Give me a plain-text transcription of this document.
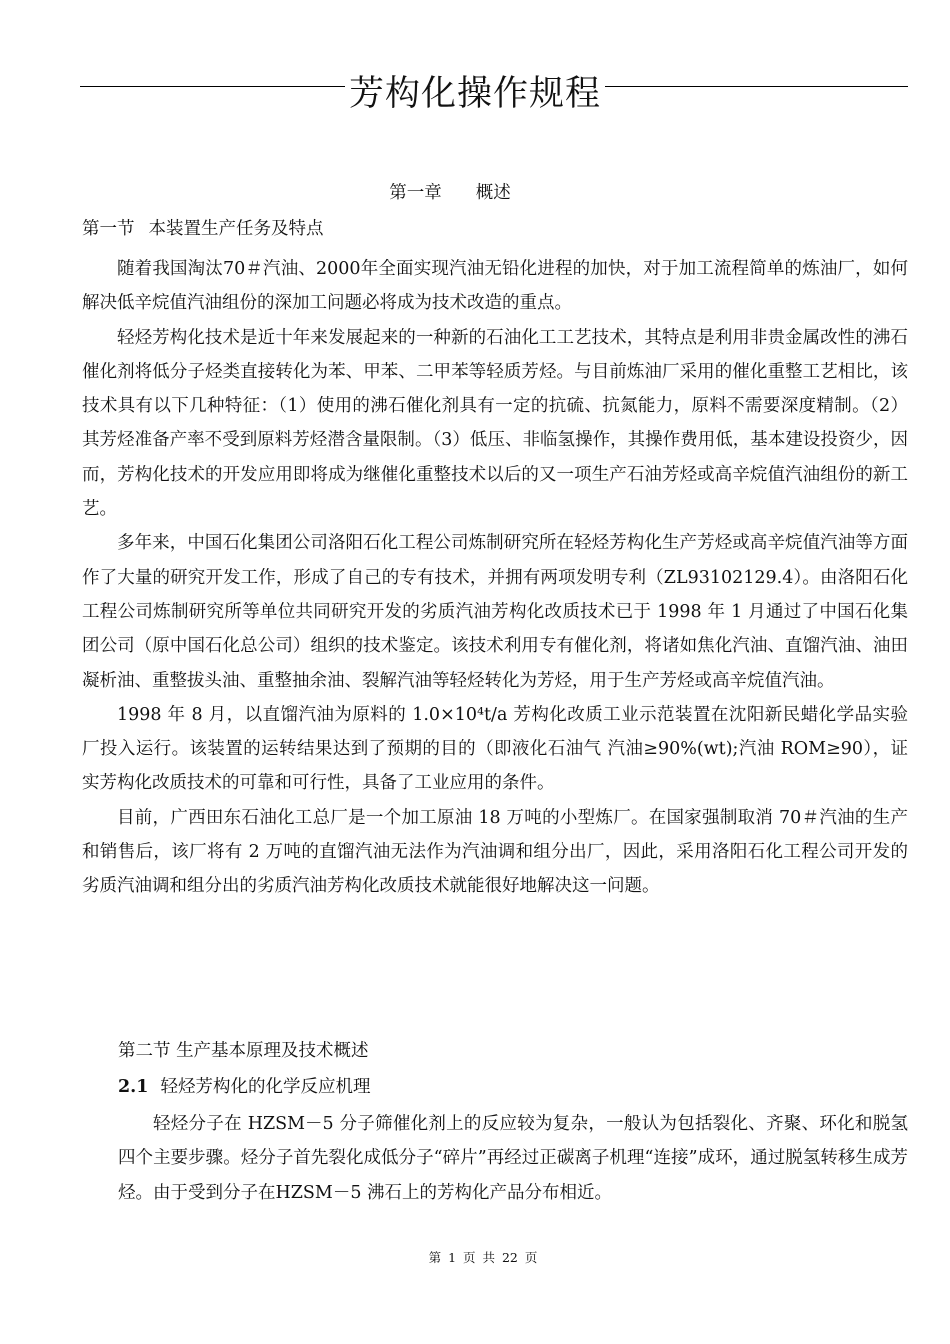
芳构化操作规程
第一章 概述
第一节 本装置生产任务及特点

随着我国淘汰70＃汽油、2000年全面实现汽油无铅化进程的加快，对于加工流程简单的炼油厂，如何解决低辛烷值汽油组份的深加工问题必将成为技术改造的重点。

轻烃芳构化技术是近十年来发展起来的一种新的石油化工工艺技术，其特点是利用非贵金属改性的沸石催化剂将低分子烃类直接转化为苯、甲苯、二甲苯等轻质芳烃。与目前炼油厂采用的催化重整工艺相比，该技术具有以下几种特征：（1）使用的沸石催化剂具有一定的抗硫、抗氮能力，原料不需要深度精制。（2）其芳烃准备产率不受到原料芳烃潜含量限制。（3）低压、非临氢操作，其操作费用低，基本建设投资少，因而，芳构化技术的开发应用即将成为继催化重整技术以后的又一项生产石油芳烃或高辛烷值汽油组份的新工艺。

多年来，中国石化集团公司洛阳石化工程公司炼制研究所在轻烃芳构化生产芳烃或高辛烷值汽油等方面作了大量的研究开发工作，形成了自己的专有技术，并拥有两项发明专利（ZL93102129.4）。由洛阳石化工程公司炼制研究所等单位共同研究开发的劣质汽油芳构化改质技术已于 1998 年 1 月通过了中国石化集团公司（原中国石化总公司）组织的技术鉴定。该技术利用专有催化剂，将诸如焦化汽油、直馏汽油、油田凝析油、重整拔头油、重整抽余油、裂解汽油等轻烃转化为芳烃，用于生产芳烃或高辛烷值汽油。

1998 年 8 月，以直馏汽油为原料的 1.0×10⁴t/a 芳构化改质工业示范装置在沈阳新民蜡化学品实验厂投入运行。该装置的运转结果达到了预期的目的（即液化石油气 汽油≥90%(wt);汽油 ROM≥90），证实芳构化改质技术的可靠和可行性，具备了工业应用的条件。

目前，广西田东石油化工总厂是一个加工原油 18 万吨的小型炼厂。在国家强制取消 70＃汽油的生产和销售后，该厂将有 2 万吨的直馏汽油无法作为汽油调和组分出厂，因此，采用洛阳石化工程公司开发的劣质汽油调和组分出的劣质汽油芳构化改质技术就能很好地解决这一问题。

第二节 生产基本原理及技术概述
2.1 轻烃芳构化的化学反应机理

轻烃分子在 HZSM－5 分子筛催化剂上的反应较为复杂，一般认为包括裂化、齐聚、环化和脱氢四个主要步骤。烃分子首先裂化成低分子“碎片”再经过正碳离子机理“连接”成环，通过脱氢转移生成芳烃。由于受到分子在HZSM－5 沸石上的芳构化产品分布相近。

第 1 页 共 22 页
